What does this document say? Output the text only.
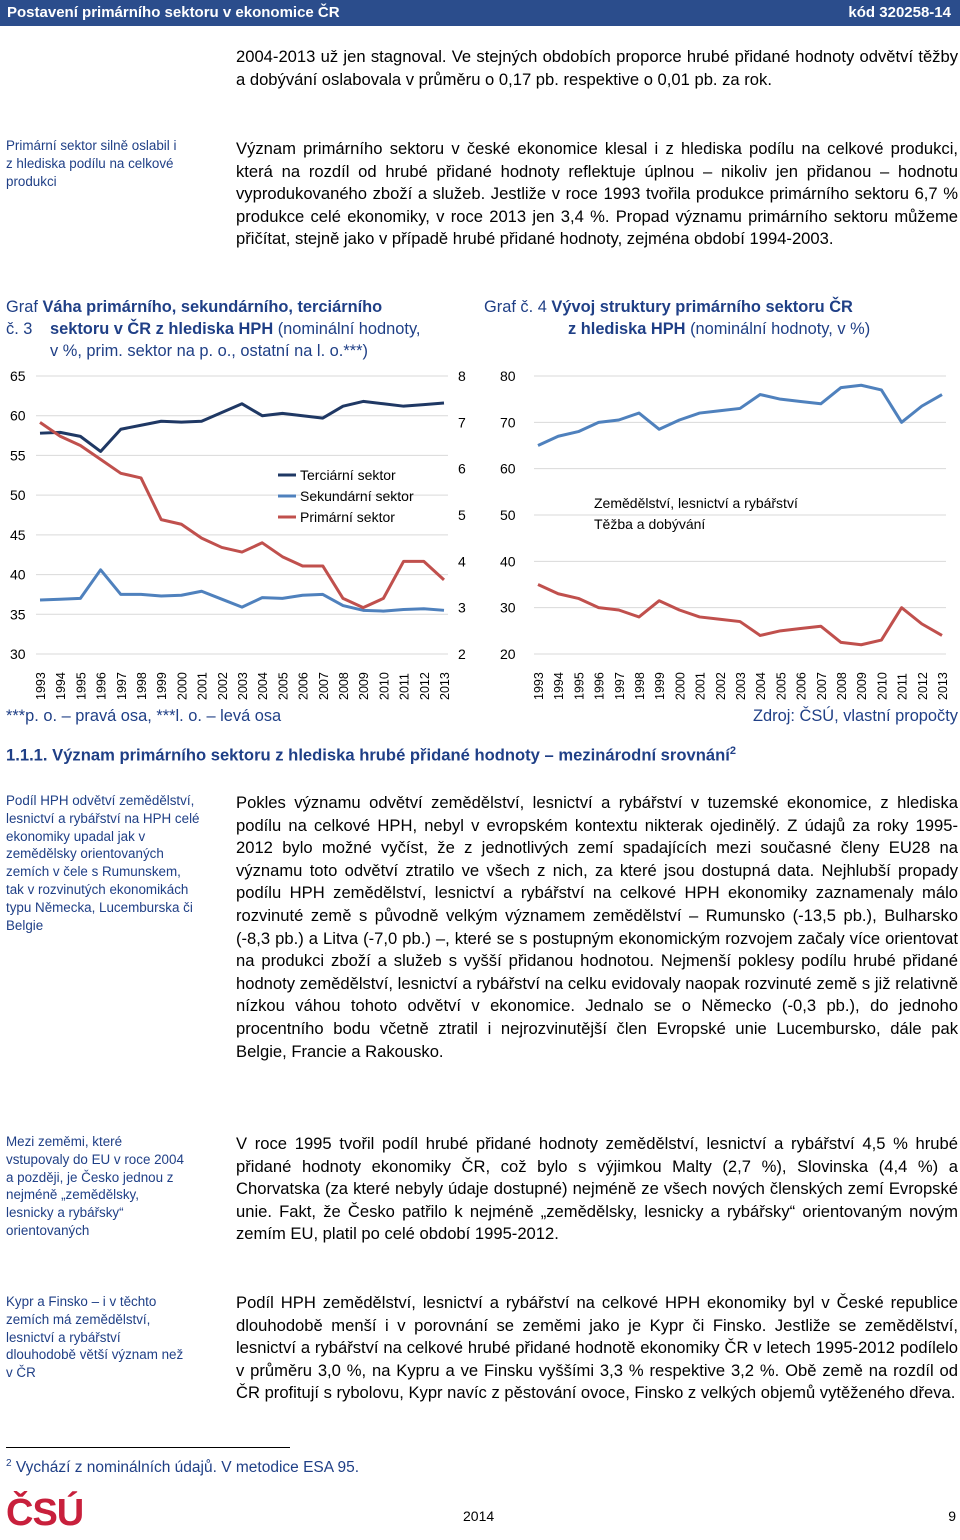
Postavení primárního sektoru v ekonomice ČR	kód 320258-14
2004-2013 už jen stagnoval. Ve stejných obdobích proporce hrubé přidané hodnoty odvětví těžby a dobývání oslabovala v průměru o 0,17 pb. respektive o 0,01 pb. za rok.
Primární sektor silně oslabil i z hlediska podílu na celkové produkci
Význam primárního sektoru v české ekonomice klesal i z hlediska podílu na celkové produkci, která na rozdíl od hrubé přidané hodnoty reflektuje úplnou – nikoliv jen přidanou – hodnotu vyprodukovaného zboží a služeb. Jestliže v roce 1993 tvořila produkce primárního sektoru 6,7 % produkce celé ekonomiky, v roce 2013 jen 3,4 %. Propad významu primárního sektoru můžeme přičítat, stejně jako v případě hrubé přidané hodnoty, zejména období 1994-2003.
Graf Váha primárního, sekundárního, terciárního
č. 3 sektoru v ČR z hlediska HPH (nominální hodnoty,
v %, prim. sektor na p. o., ostatní na l. o.***)
Graf č. 4 Vývoj struktury primárního sektoru ČR
z hlediska HPH (nominální hodnoty, v %)
30
35
40
45
50
55
60
65
2
3
4
5
6
7
8
1993 1994 1995 1996 1997 1998 1999 2000 2001 2002 2003 2004 2005 2006 2007 2008 2009 2010 2011 2012 2013
Terciární sektor
Sekundární sektor
Primární sektor
20
30
40
50
60
70
80
1993 1994 1995 1996 1997 1998 1999 2000 2001 2002 2003 2004 2005 2006 2007 2008 2009 2010 2011 2012 2013
Zemědělství, lesnictví a rybářství
Těžba a dobývání
***p. o. – pravá osa, ***l. o. – levá osa	Zdroj: ČSÚ, vlastní propočty
1.1.1. Význam primárního sektoru z hlediska hrubé přidané hodnoty – mezinárodní srovnání$^2$
Podíl HPH odvětví zemědělství, lesnictví a rybářství na HPH celé ekonomiky upadal jak v zemědělsky orientovaných zemích v čele s Rumunskem, tak v rozvinutých ekonomikách typu Německa, Lucemburska či Belgie
Pokles významu odvětví zemědělství, lesnictví a rybářství v tuzemské ekonomice, z hlediska podílu na celkové HPH, nebyl v evropském kontextu nikterak ojedinělý. Z údajů za roky 1995-2012 bylo možné vyčíst, že z jednotlivých zemí spadajících mezi současné členy EU28 na významu toto odvětví ztratilo ve všech z nich, za které jsou dostupná data. Nejhlubší propady podílu HPH zemědělství, lesnictví a rybářství na celkové HPH ekonomiky zaznamenaly málo rozvinuté země s původně velkým významem zemědělství – Rumunsko (-13,5 pb.), Bulharsko (-8,3 pb.) a Litva (-7,0 pb.) –, které se s postupným ekonomickým rozvojem začaly více orientovat na produkci zboží a služeb s vyšší přidanou hodnotou. Nejmenší poklesy podílu hrubé přidané hodnoty zemědělství, lesnictví a rybářství na celku evidovaly naopak rozvinuté země s již relativně nízkou váhou tohoto odvětví v ekonomice. Jednalo se o Německo (-0,3 pb.), do jednoho procentního bodu včetně ztratil i nejrozvinutější člen Evropské unie Lucembursko, dále pak Belgie, Francie a Rakousko.
Mezi zeměmi, které vstupovaly do EU v roce 2004 a později, je Česko jednou z nejméně „zemědělsky, lesnicky a rybářsky“ orientovaných
V roce 1995 tvořil podíl hrubé přidané hodnoty zemědělství, lesnictví a rybářství 4,5 % hrubé přidané hodnoty ekonomiky ČR, což bylo s výjimkou Malty (2,7 %), Slovinska (4,4 %) a Chorvatska (za které nebyly údaje dostupné) nejméně ze všech nových členských zemí Evropské unie. Fakt, že Česko patřilo k nejméně „zemědělsky, lesnicky a rybářsky“ orientovaným novým zemím EU, platil po celé období 1995-2012.
Kypr a Finsko – i v těchto zemích má zemědělství, lesnictví a rybářství dlouhodobě větší význam než v ČR
Podíl HPH zemědělství, lesnictví a rybářství na celkové HPH ekonomiky byl v České republice dlouhodobě menší i v porovnání se zeměmi jako je Kypr či Finsko. Jestliže se zemědělství, lesnictví a rybářství na celkové hrubé přidané hodnotě ekonomiky ČR v letech 1995-2012 podílelo v průměru 3,0 %, na Kypru a ve Finsku vyššími 3,3 % respektive 3,2 %. Obě země na rozdíl od ČR profitují s rybolovu, Kypr navíc z pěstování ovoce, Finsko z velkých objemů vytěženého dřeva.
$^2$ Vychází z nominálních údajů. V metodice ESA 95.
ČSÚ	2014	9
